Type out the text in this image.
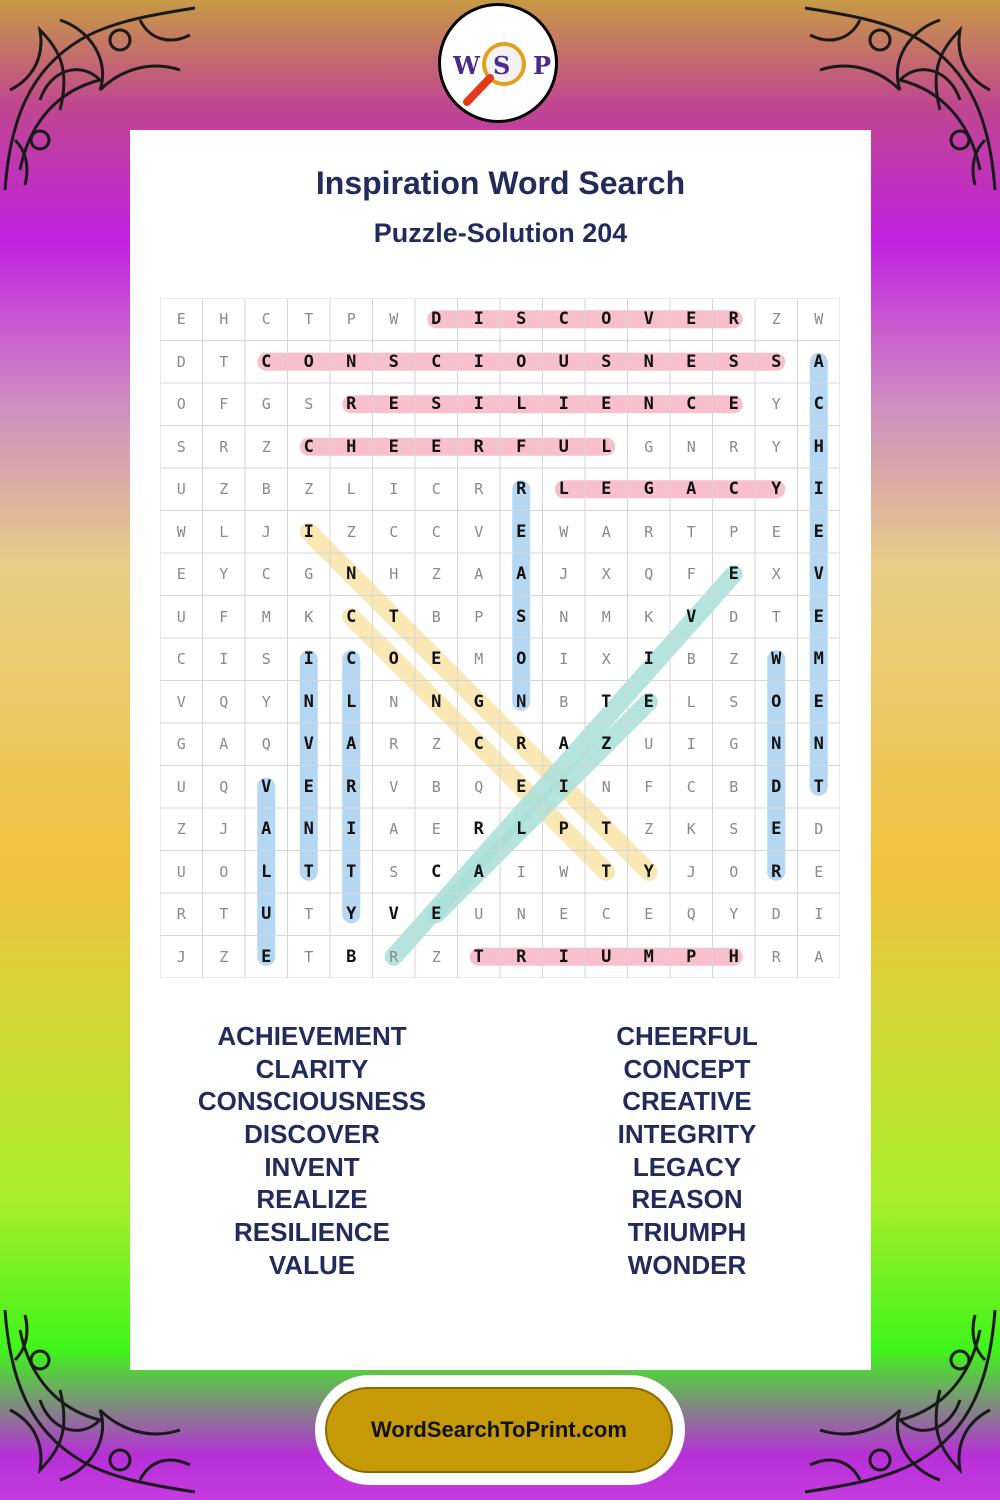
W S P
Inspiration Word Search
Puzzle-Solution 204
E	H	C	T	P	W	D	I	S	C	O	V	E	R	Z	W
D	T	C	O	N	S	C	I	O	U	S	N	E	S	S	A
O	F	G	S	R	E	S	I	L	I	E	N	C	E	Y	C
S	R	Z	C	H	E	E	R	F	U	L	G	N	R	Y	H
U	Z	B	Z	L	I	C	R	R	L	E	G	A	C	Y	I
W	L	J	I	Z	C	C	V	E	W	A	R	T	P	E	E
E	Y	C	G	N	H	Z	A	A	J	X	Q	F	E	X	V
U	F	M	K	C	T	B	P	S	N	M	K	V	D	T	E
C	I	S	I	C	O	E	M	O	I	X	I	B	Z	W	M
V	Q	Y	N	L	N	N	G	N	B	T	E	L	S	O	E
G	A	Q	V	A	R	Z	C	R	A	Z	U	I	G	N	N
U	Q	V	E	R	V	B	Q	E	I	N	F	C	B	D	T
Z	J	A	N	I	A	E	R	L	P	T	Z	K	S	E	D
U	O	L	T	T	S	C	A	I	W	T	Y	J	O	R	E
R	T	U	T	Y	V	E	U	N	E	C	E	Q	Y	D	I
J	Z	E	T	B	R	Z	T	R	I	U	M	P	H	R	A
ACHIEVEMENT
CLARITY
CONSCIOUSNESS
DISCOVER
INVENT
REALIZE
RESILIENCE
VALUE
CHEERFUL
CONCEPT
CREATIVE
INTEGRITY
LEGACY
REASON
TRIUMPH
WONDER
WordSearchToPrint.com
